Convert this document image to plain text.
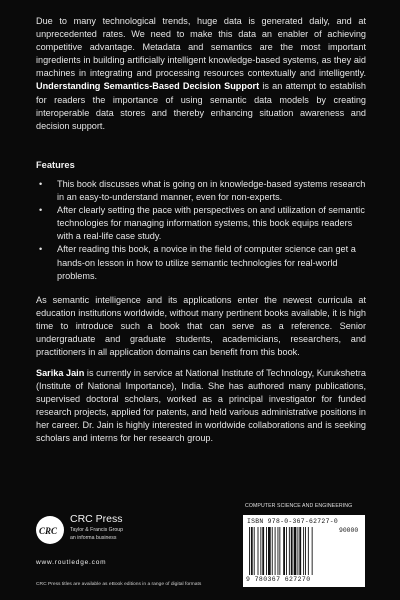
Due to many technological trends, huge data is generated daily, and at unprecedented rates. We need to make this data an enabler of achieving competitive advantage. Metadata and semantics are the most important ingredients in building artificially intelligent knowledge-based systems, as they aid machines in integrating and processing resources contextually and intelligently. Understanding Semantics-Based Decision Support is an attempt to establish for readers the importance of using semantic data models by creating interoperable data stores and thereby enhancing situation awareness and decision support.
Features
• This book discusses what is going on in knowledge-based systems research in an easy-to-understand manner, even for non-experts.
• After clearly setting the pace with perspectives on and utilization of semantic technologies for managing information systems, this book equips readers with a real-life case study.
• After reading this book, a novice in the field of computer science can get a hands-on lesson in how to utilize semantic technologies for real-world problems.
As semantic intelligence and its applications enter the newest curricula at education institutions worldwide, without many pertinent books available, it is high time to introduce such a book that can serve as a reference. Senior undergraduate and graduate students, academicians, researchers, and practitioners in all application domains can benefit from this book.
Sarika Jain is currently in service at National Institute of Technology, Kurukshetra (Institute of National Importance), India. She has authored many publications, supervised doctoral scholars, worked as a principal investigator for funded research projects, applied for patents, and held various administrative positions in her career. Dr. Jain is highly interested in worldwide collaborations and is seeking scholars and interns for her research group.
COMPUTER SCIENCE AND ENGINEERING
ISBN 978-0-367-62727-0
90000
9 780367 627270
CRC
CRC Press
Taylor & Francis Group
an informa business
www.routledge.com
CRC Press titles are available as eBook editions in a range of digital formats
